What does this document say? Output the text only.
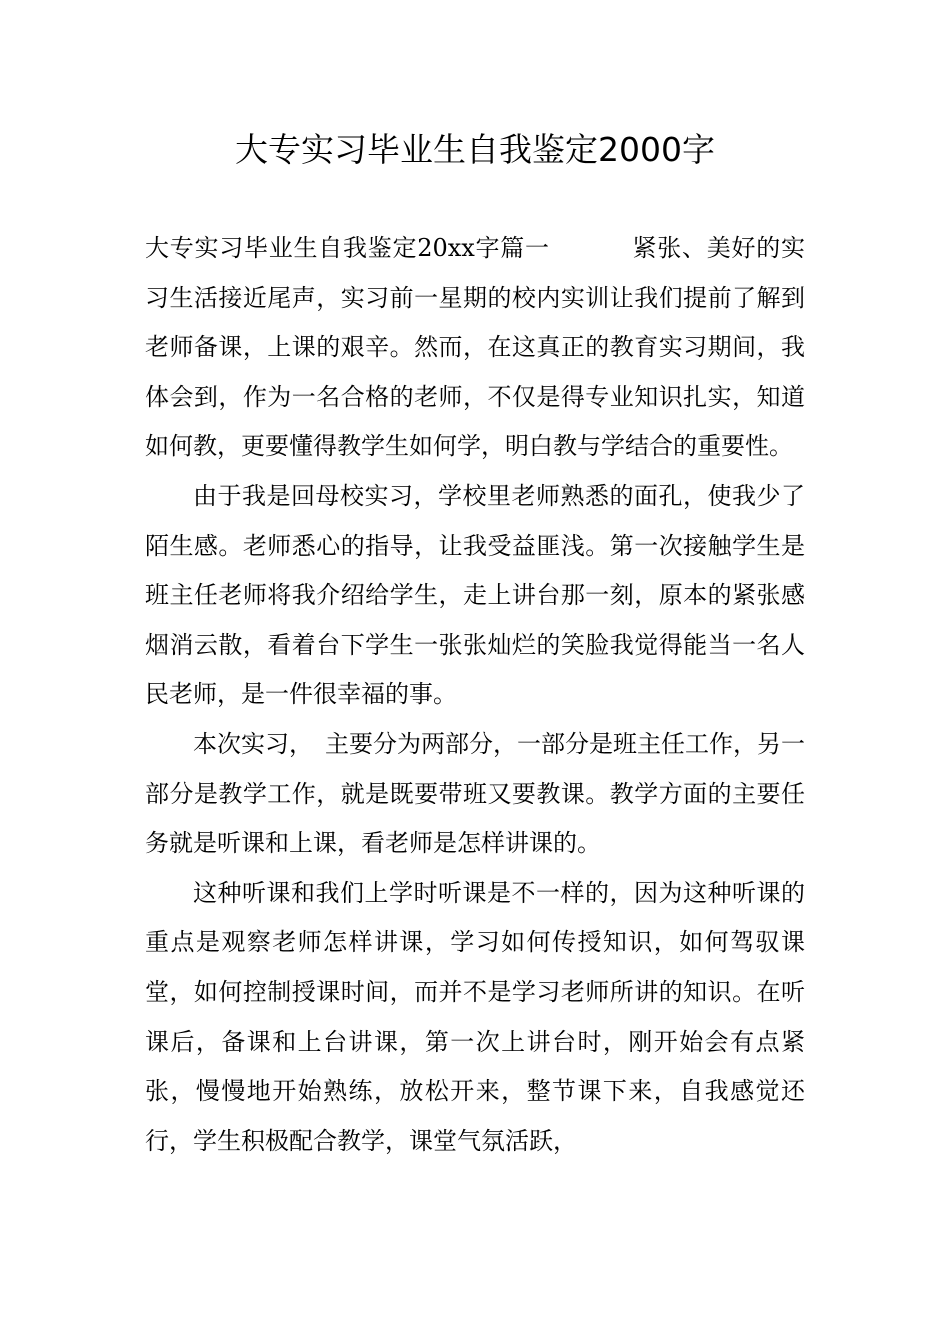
大专实习毕业生自我鉴定2000字

大专实习毕业生自我鉴定20xx字篇一	紧张、美好的实习生活接近尾声，实习前一星期的校内实训让我们提前了解到老师备课，上课的艰辛。然而，在这真正的教育实习期间，我体会到，作为一名合格的老师，不仅是得专业知识扎实，知道如何教，更要懂得教学生如何学，明白教与学结合的重要性。

由于我是回母校实习，学校里老师熟悉的面孔，使我少了陌生感。老师悉心的指导，让我受益匪浅。第一次接触学生是班主任老师将我介绍给学生，走上讲台那一刻，原本的紧张感烟消云散，看着台下学生一张张灿烂的笑脸我觉得能当一名人民老师，是一件很幸福的事。

本次实习，　主要分为两部分，一部分是班主任工作，另一部分是教学工作，就是既要带班又要教课。教学方面的主要任务就是听课和上课，看老师是怎样讲课的。

这种听课和我们上学时听课是不一样的，因为这种听课的重点是观察老师怎样讲课，学习如何传授知识，如何驾驭课堂，如何控制授课时间，而并不是学习老师所讲的知识。在听课后，备课和上台讲课，第一次上讲台时，刚开始会有点紧张，慢慢地开始熟练，放松开来，整节课下来，自我感觉还行，学生积极配合教学，课堂气氛活跃，
